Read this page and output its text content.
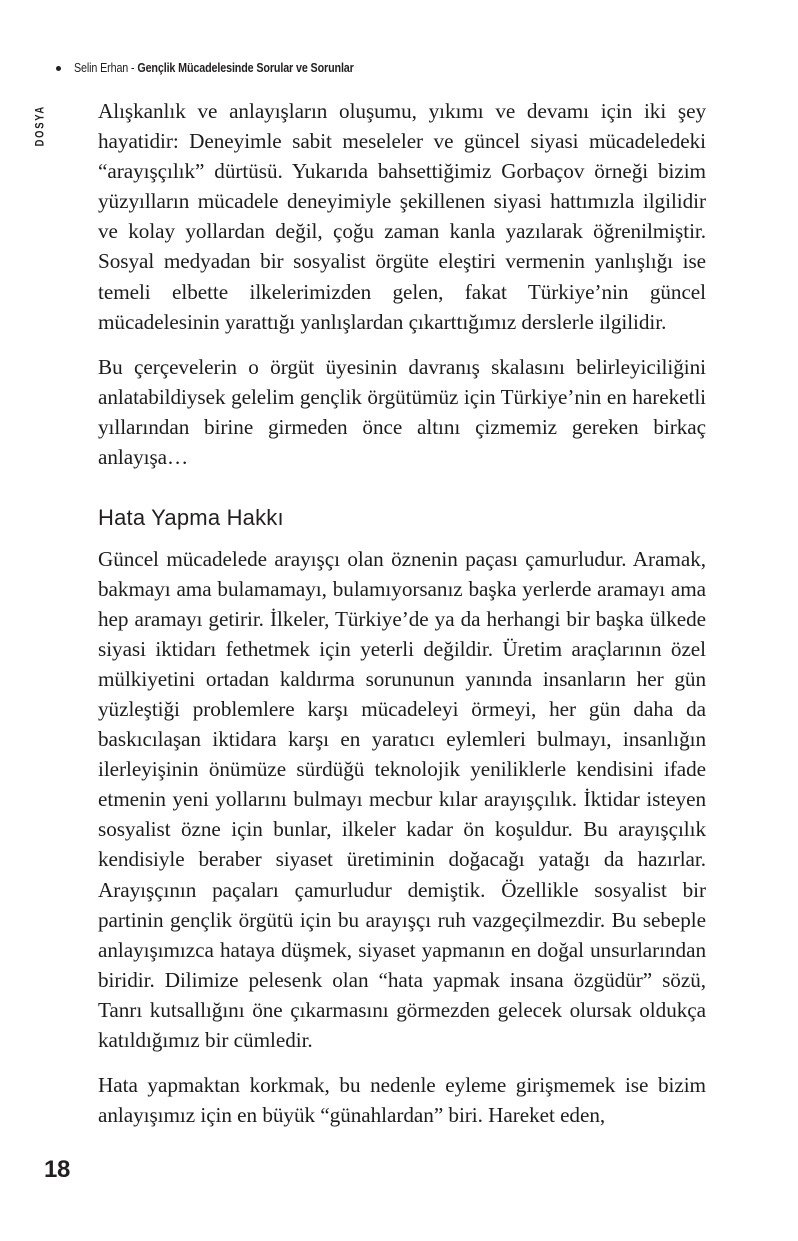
Selin Erhan - Gençlik Mücadelesinde Sorular ve Sorunlar
DOSYA Alışkanlık ve anlayışların oluşumu, yıkımı ve devamı için iki şey hayatidir: Deneyimle sabit meseleler ve güncel siyasi mücadeledeki “arayışçılık” dürtüsü. Yukarıda bahsettiğimiz Gorbaçov örneği bizim yüzyılların mücadele deneyimiyle şekillenen siyasi hattımızla ilgilidir ve kolay yollardan değil, çoğu zaman kanla yazılarak öğrenilmiştir. Sosyal medyadan bir sosyalist örgüte eleştiri vermenin yanlışlığı ise temeli elbette ilkelerimizden gelen, fakat Türkiye’nin güncel mücadelesinin yarattığı yanlışlardan çıkarttığımız derslerle ilgilidir.

Bu çerçevelerin o örgüt üyesinin davranış skalasını belirleyiciliğini anlatabildiysek gelelim gençlik örgütümüz için Türkiye’nin en hareketli yıllarından birine girmeden önce altını çizmemiz gereken birkaç anlayışa…

Hata Yapma Hakkı

Güncel mücadelede arayışçı olan öznenin paçası çamurludur. Aramak, bakmayı ama bulamamayı, bulamıyorsanız başka yerlerde aramayı ama hep aramayı getirir. İlkeler, Türkiye’de ya da herhangi bir başka ülkede siyasi iktidarı fethetmek için yeterli değildir. Üretim araçlarının özel mülkiyetini ortadan kaldırma sorununun yanında insanların her gün yüzleştiği problemlere karşı mücadeleyi örmeyi, her gün daha da baskıcılaşan iktidara karşı en yaratıcı eylemleri bulmayı, insanlığın ilerleyişinin önümüze sürdüğü teknolojik yeniliklerle kendisini ifade etmenin yeni yollarını bulmayı mecbur kılar arayışçılık. İktidar isteyen sosyalist özne için bunlar, ilkeler kadar ön koşuldur. Bu arayışçılık kendisiyle beraber siyaset üretiminin doğacağı yatağı da hazırlar. Arayışçının paçaları çamurludur demiştik. Özellikle sosyalist bir partinin gençlik örgütü için bu arayışçı ruh vazgeçilmezdir. Bu sebeple anlayışımızca hataya düşmek, siyaset yapmanın en doğal unsurlarından biridir. Dilimize pelesenk olan “hata yapmak insana özgüdür” sözü, Tanrı kutsallığını öne çıkarmasını görmezden gelecek olursak oldukça katıldığımız bir cümledir.

Hata yapmaktan korkmak, bu nedenle eyleme girişmemek ise bizim anlayışımız için en büyük “günahlardan” biri. Hareket eden,

18
